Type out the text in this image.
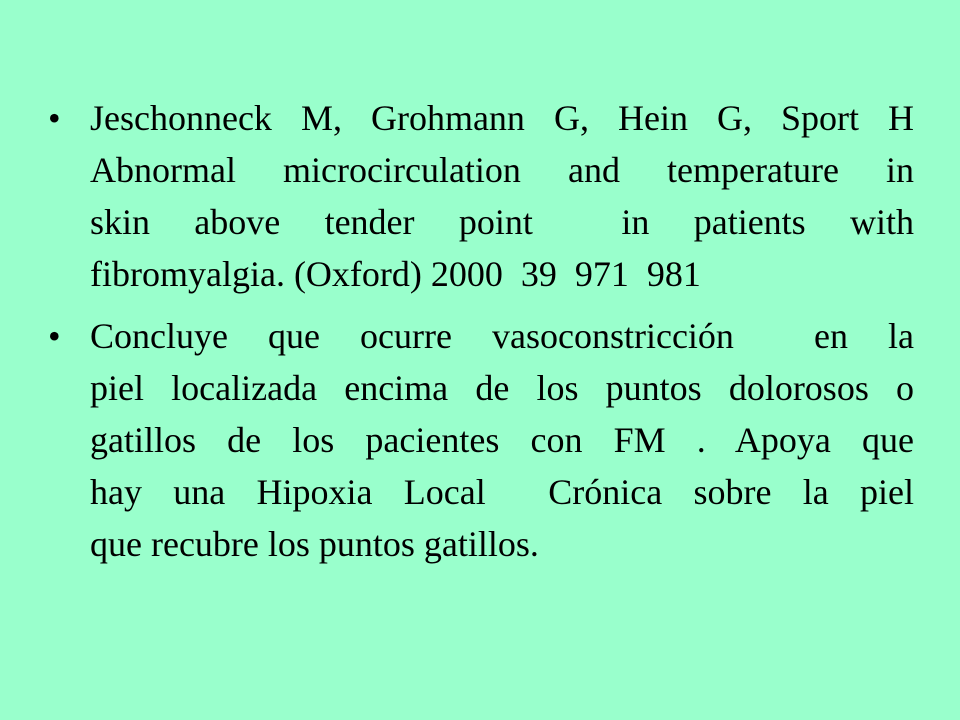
• Jeschonneck M, Grohmann G, Hein G, Sport H
Abnormal microcirculation and temperature in
skin above tender point  in patients with
fibromyalgia. (Oxford) 2000  39  971  981
• Concluye que ocurre vasoconstricción  en la
piel localizada encima de los puntos dolorosos o
gatillos de los pacientes con FM . Apoya que
hay una Hipoxia Local  Crónica sobre la piel
que recubre los puntos gatillos.
